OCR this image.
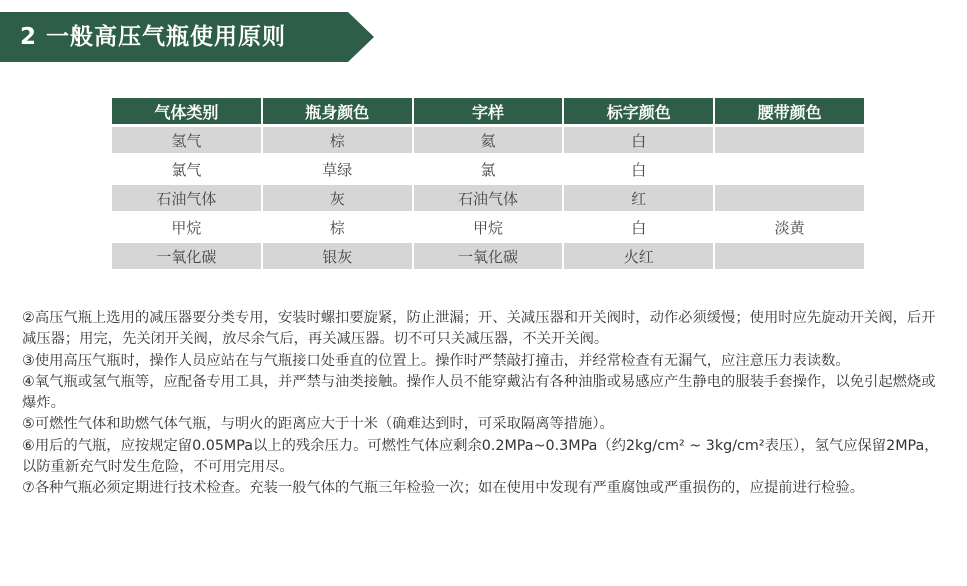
2 一般高压气瓶使用原则
气体类别	瓶身颜色	字样	标字颜色	腰带颜色
氢气	棕	氦	白	
氯气	草绿	氯	白	
石油气体	灰	石油气体	红	
甲烷	棕	甲烷	白	淡黄
一氧化碳	银灰	一氧化碳	火红	

②高压气瓶上选用的减压器要分类专用，安装时螺扣要旋紧，防止泄漏；开、关减压器和开关阀时，动作必须缓慢；使用时应先旋动开关阀，后开减压器；用完，先关闭开关阀，放尽余气后，再关减压器。切不可只关减压器，不关开关阀。

③使用高压气瓶时，操作人员应站在与气瓶接口处垂直的位置上。操作时严禁敲打撞击，并经常检查有无漏气，应注意压力表读数。

④氧气瓶或氢气瓶等，应配备专用工具，并严禁与油类接触。操作人员不能穿戴沾有各种油脂或易感应产生静电的服装手套操作，以免引起燃烧或爆炸。

⑤可燃性气体和助燃气体气瓶，与明火的距离应大于十米（确难达到时，可采取隔离等措施）。

⑥用后的气瓶，应按规定留0.05MPa以上的残余压力。可燃性气体应剩余0.2MPa~0.3MPa（约2kg/cm² ~ 3kg/cm²表压），氢气应保留2MPa，以防重新充气时发生危险，不可用完用尽。

⑦各种气瓶必须定期进行技术检查。充装一般气体的气瓶三年检验一次；如在使用中发现有严重腐蚀或严重损伤的，应提前进行检验。
